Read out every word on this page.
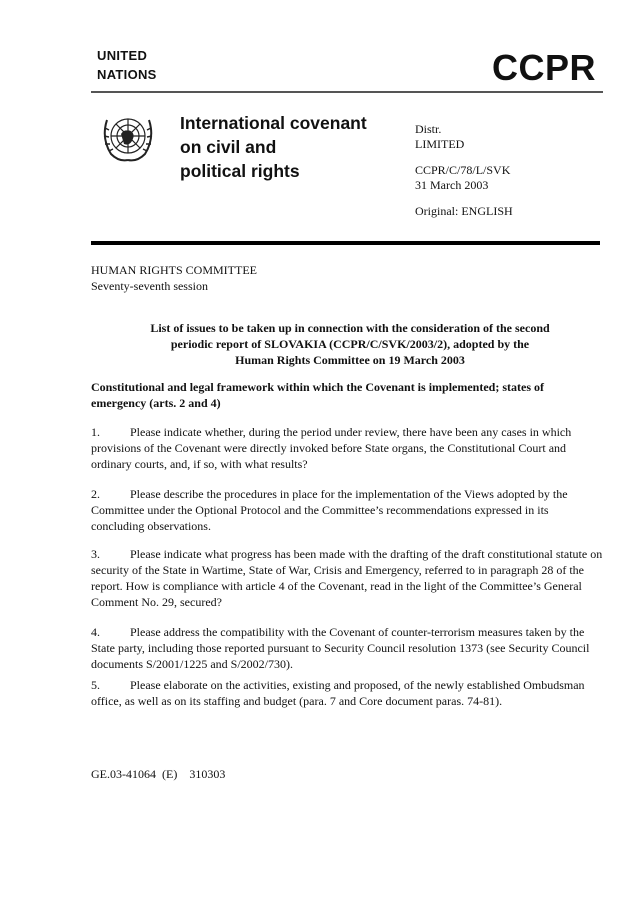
UNITED
NATIONS	CCPR
International covenant
on civil and
political rights
Distr.
LIMITED
CCPR/C/78/L/SVK
31 March 2003
Original: ENGLISH
HUMAN RIGHTS COMMITTEE
Seventy-seventh session
List of issues to be taken up in connection with the consideration of the second
periodic report of SLOVAKIA (CCPR/C/SVK/2003/2), adopted by the
Human Rights Committee on 19 March 2003
Constitutional and legal framework within which the Covenant is implemented; states of emergency (arts. 2 and 4)
1.	Please indicate whether, during the period under review, there have been any cases in which provisions of the Covenant were directly invoked before State organs, the Constitutional Court and ordinary courts, and, if so, with what results?
2.	Please describe the procedures in place for the implementation of the Views adopted by the Committee under the Optional Protocol and the Committee’s recommendations expressed in its concluding observations.
3.	Please indicate what progress has been made with the drafting of the draft constitutional statute on security of the State in Wartime, State of War, Crisis and Emergency, referred to in paragraph 28 of the report. How is compliance with article 4 of the Covenant, read in the light of the Committee’s General Comment No. 29, secured?
4.	Please address the compatibility with the Covenant of counter-terrorism measures taken by the State party, including those reported pursuant to Security Council resolution 1373 (see Security Council documents S/2001/1225 and S/2002/730).
5.	Please elaborate on the activities, existing and proposed, of the newly established Ombudsman office, as well as on its staffing and budget (para. 7 and Core document paras. 74-81).
GE.03-41064  (E)    310303
